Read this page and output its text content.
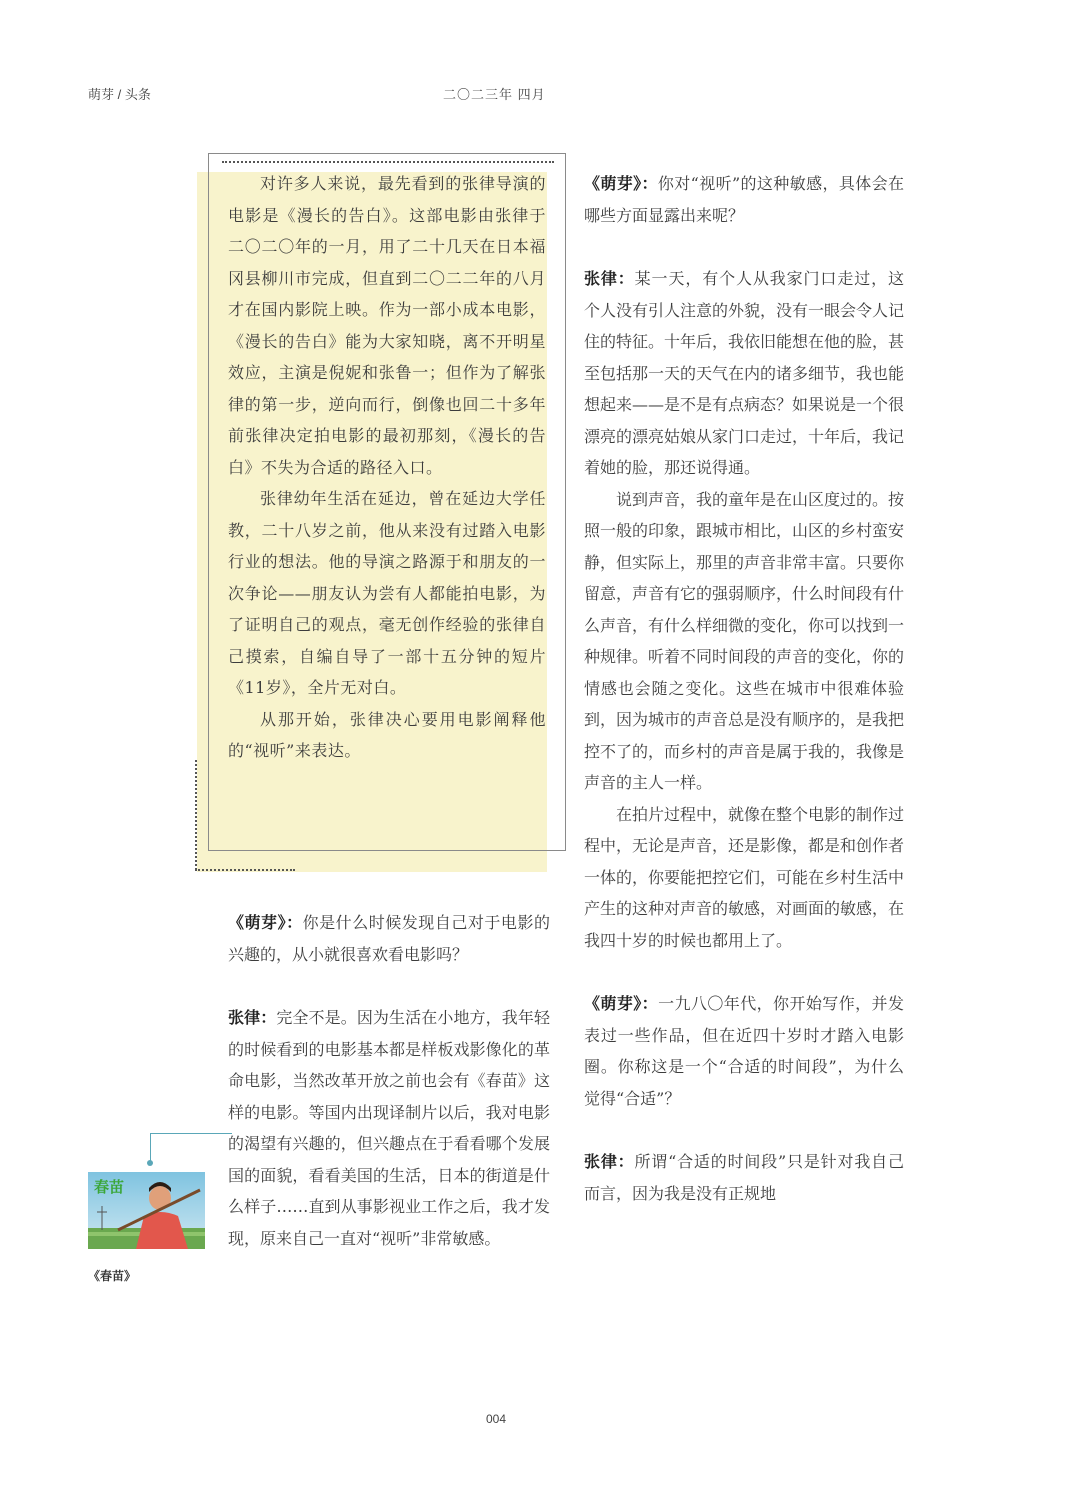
萌芽 / 头条	二〇二三年 四月

对许多人来说，最先看到的张律导演的电影是《漫长的告白》。这部电影由张律于二〇二〇年的一月，用了二十几天在日本福冈县柳川市完成，但直到二〇二二年的八月才在国内影院上映。作为一部小成本电影，《漫长的告白》能为大家知晓，离不开明星效应，主演是倪妮和张鲁一；但作为了解张律的第一步，逆向而行，倒像也回二十多年前张律决定拍电影的最初那刻，《漫长的告白》不失为合适的路径入口。

张律幼年生活在延边，曾在延边大学任教，二十八岁之前，他从来没有过踏入电影行业的想法。他的导演之路源于和朋友的一次争论——朋友认为尝有人都能拍电影，为了证明自己的观点，毫无创作经验的张律自己摸索，自编自导了一部十五分钟的短片《11岁》，全片无对白。

从那开始，张律决心要用电影阐释他的“视听”来表达。

《萌芽》：你是什么时候发现自己对于电影的兴趣的，从小就很喜欢看电影吗？

张律：完全不是。因为生活在小地方，我年轻的时候看到的电影基本都是样板戏影像化的革命电影，当然改革开放之前也会有《春苗》这样的电影。等国内出现译制片以后，我对电影的渴望有兴趣的，但兴趣点在于看看哪个发展国的面貌，看看美国的生活，日本的街道是什么样子……直到从事影视业工作之后，我才发现，原来自己一直对“视听”非常敏感。

《萌芽》：你对“视听”的这种敏感，具体会在哪些方面显露出来呢？

张律：某一天，有个人从我家门口走过，这个人没有引人注意的外貌，没有一眼会令人记住的特征。十年后，我依旧能想在他的脸，甚至包括那一天的天气在内的诸多细节，我也能想起来——是不是有点病态？如果说是一个很漂亮的漂亮姑娘从家门口走过，十年后，我记着她的脸，那还说得通。

说到声音，我的童年是在山区度过的。按照一般的印象，跟城市相比，山区的乡村蛮安静，但实际上，那里的声音非常丰富。只要你留意，声音有它的强弱顺序，什么时间段有什么声音，有什么样细微的变化，你可以找到一种规律。听着不同时间段的声音的变化，你的情感也会随之变化。这些在城市中很难体验到，因为城市的声音总是没有顺序的，是我把控不了的，而乡村的声音是属于我的，我像是声音的主人一样。

在拍片过程中，就像在整个电影的制作过程中，无论是声音，还是影像，都是和创作者一体的，你要能把控它们，可能在乡村生活中产生的这种对声音的敏感，对画面的敏感，在我四十岁的时候也都用上了。

《萌芽》：一九八〇年代，你开始写作，并发表过一些作品，但在近四十岁时才踏入电影圈。你称这是一个“合适的时间段”，为什么觉得“合适”？

张律：所谓“合适的时间段”只是针对我自己而言，因为我是没有正规地

春苗
《春苗》
004
